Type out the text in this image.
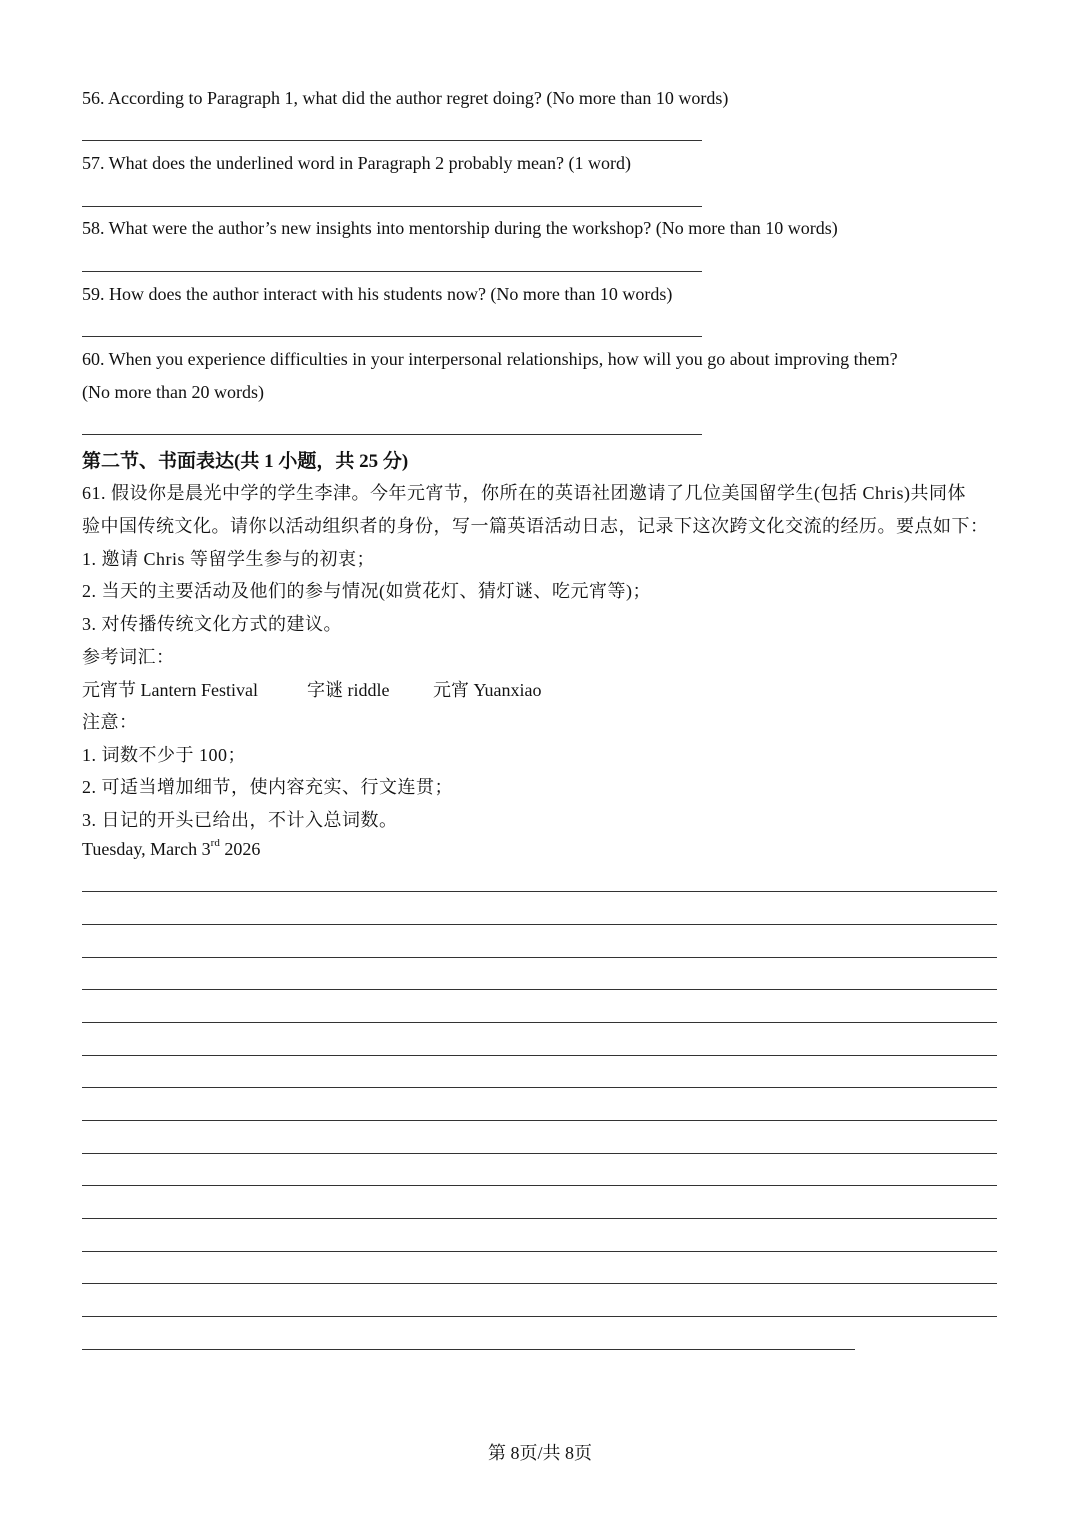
56. According to Paragraph 1, what did the author regret doing? (No more than 10 words)
57. What does the underlined word in Paragraph 2 probably mean? (1 word)
58. What were the author’s new insights into mentorship during the workshop? (No more than 10 words)
59. How does the author interact with his students now? (No more than 10 words)
60. When you experience difficulties in your interpersonal relationships, how will you go about improving them?
(No more than 20 words)
第二节、书面表达(共 1 小题，共 25 分)
61. 假设你是晨光中学的学生李津。今年元宵节，你所在的英语社团邀请了几位美国留学生(包括 Chris)共同体
验中国传统文化。请你以活动组织者的身份，写一篇英语活动日志，记录下这次跨文化交流的经历。要点如下：
1. 邀请 Chris 等留学生参与的初衷；
2. 当天的主要活动及他们的参与情况(如赏花灯、猜灯谜、吃元宵等)；
3. 对传播传统文化方式的建议。
参考词汇：
元宵节 Lantern Festival	字谜 riddle 元宵 Yuanxiao
注意：
1. 词数不少于 100；
2. 可适当增加细节，使内容充实、行文连贯；
3. 日记的开头已给出，不计入总词数。
Tuesday, March 3rd 2026
第 8页/共 8页
